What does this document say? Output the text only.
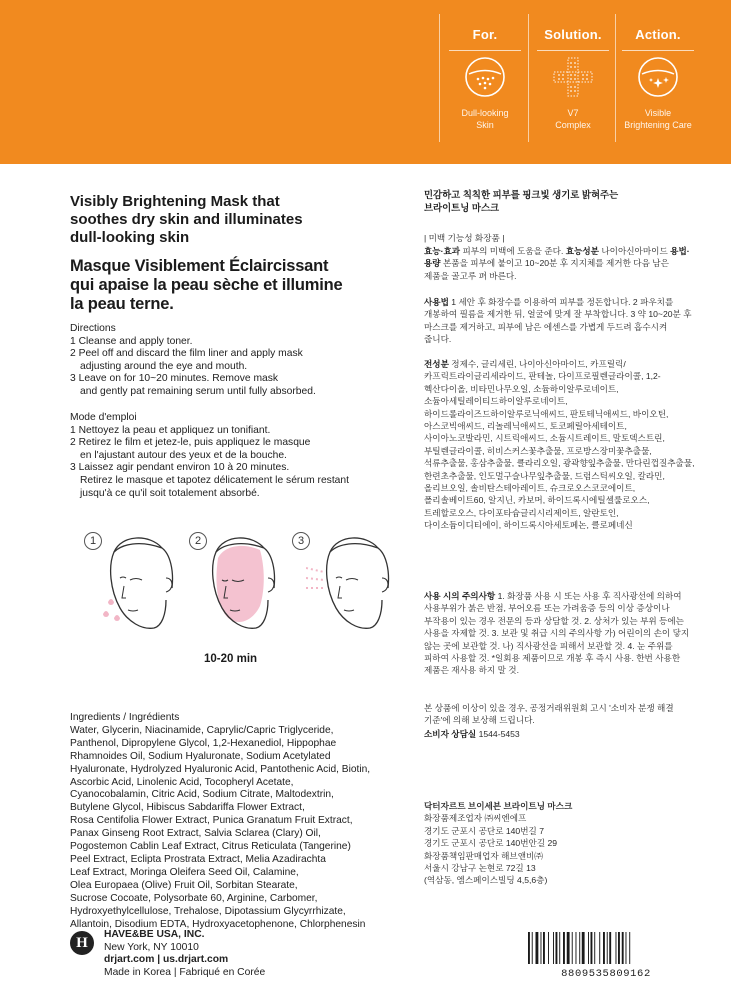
For.
Dull-looking
Skin
Solution.
V7
Complex
Action.
Visible
Brightening Care
Visibly Brightening Mask that
soothes dry skin and illuminates
dull-looking skin
Masque Visiblement Éclaircissant
qui apaise la peau sèche et illumine
la peau terne.
Directions
1 Cleanse and apply toner.
2 Peel off and discard the film liner and apply mask
adjusting around the eye and mouth.
3 Leave on for 10~20 minutes. Remove mask
and gently pat remaining serum until fully absorbed.
Mode d'emploi
1 Nettoyez la peau et appliquez un tonifiant.
2 Retirez le film et jetez-le, puis appliquez le masque
en l'ajustant autour des yeux et de la bouche.
3 Laissez agir pendant environ 10 à 20 minutes.
Retirez le masque et tapotez délicatement le sérum restant
jusqu'à ce qu'il soit totalement absorbé.
1	2	3
10-20 min
Ingredients / Ingrédients
Water, Glycerin, Niacinamide, Caprylic/Capric Triglyceride,
Panthenol, Dipropylene Glycol, 1,2-Hexanediol, Hippophae
Rhamnoides Oil, Sodium Hyaluronate, Sodium Acetylated
Hyaluronate, Hydrolyzed Hyaluronic Acid, Pantothenic Acid, Biotin,
Ascorbic Acid, Linolenic Acid, Tocopheryl Acetate,
Cyanocobalamin, Citric Acid, Sodium Citrate, Maltodextrin,
Butylene Glycol, Hibiscus Sabdariffa Flower Extract,
Rosa Centifolia Flower Extract, Punica Granatum Fruit Extract,
Panax Ginseng Root Extract, Salvia Sclarea (Clary) Oil,
Pogostemon Cablin Leaf Extract, Citrus Reticulata (Tangerine)
Peel Extract, Eclipta Prostrata Extract, Melia Azadirachta
Leaf Extract, Moringa Oleifera Seed Oil, Calamine,
Olea Europaea (Olive) Fruit Oil, Sorbitan Stearate,
Sucrose Cocoate, Polysorbate 60, Arginine, Carbomer,
Hydroxyethylcellulose, Trehalose, Dipotassium Glycyrrhizate,
Allantoin, Disodium EDTA, Hydroxyacetophenone, Chlorphenesin
민감하고 칙칙한 피부를 핑크빛 생기로 밝혀주는
브라이트닝 마스크
| 미백 기능성 화장품 |
효능·효과 피부의 미백에 도움을 준다. 효능성분 나이아신아마이드 용법·용량 본품을 피부에 붙이고 10~20분 후 지지체를 제거한 다음 남은 제품을 골고루 펴 바른다.
사용법 1 세안 후 화장수를 이용하여 피부를 정돈합니다. 2 파우치를 개봉하여 필름을 제거한 뒤, 얼굴에 맞게 잘 부착합니다. 3 약 10~20분 후 마스크를 제거하고, 피부에 남은 에센스를 가볍게 두드려 흡수시켜 줍니다.
전성분 정제수, 글리세린, 나이아신아마이드, 카프릴릭/카프릭트라이글리세라이드, 판테놀, 다이프로필렌글라이콜, 1,2-헥산다이올, 비타민나무오일, 소듐하이알루로네이트, 소듐아세틸레이티드하이알루로네이트, 하이드롤라이즈드하이알루로닉애씨드, 판토테닉애씨드, 바이오틴, 아스코빅애씨드, 리놀레닉애씨드, 토코페릴아세테이트, 사이아노코발라민, 시트릭애씨드, 소듐시트레이트, 말토덱스트린, 부틸렌글라이콜, 히비스커스꽃추출물, 프로방스장미꽃추출물, 석류추출물, 홍삼추출물, 클라리오일, 광곽향잎추출물, 만다린껍질추출물, 한련초추출물, 인도멀구슬나무잎추출물, 드럼스틱씨오일, 칼라민, 올리브오일, 솔비탄스테아레이트, 슈크로오스코코에이트, 폴리솔베이트60, 알지닌, 카보머, 하이드록시에틸셀룰로오스, 트레할로오스, 다이포타슘글리시리제이트, 알란토인, 다이소듐이디티에이, 하이드록시아세토페논, 클로페네신
사용 시의 주의사항 1. 화장품 사용 시 또는 사용 후 직사광선에 의하여 사용부위가 붉은 반점, 부어오름 또는 가려움증 등의 이상 증상이나 부작용이 있는 경우 전문의 등과 상담할 것. 2. 상처가 있는 부위 등에는 사용을 자제할 것. 3. 보관 및 취급 시의 주의사항 가) 어린이의 손이 닿지 않는 곳에 보관할 것. 나) 직사광선을 피해서 보관할 것. 4. 눈 주위를 피하여 사용할 것. *일회용 제품이므로 개봉 후 즉시 사용. 한번 사용한 제품은 재사용 하지 말 것.
본 상품에 이상이 있을 경우, 공정거래위원회 고시 '소비자 분쟁 해결 기준'에 의해 보상해 드립니다.
소비자 상담실 1544-5453
닥터자르트 브이세븐 브라이트닝 마스크
화장품제조업자 ㈜씨엔에프
경기도 군포시 공단로 140번길 7
경기도 군포시 공단로 140번안길 29
화장품책임판매업자 해브앤비㈜
서울시 강남구 논현로 72길 13
(역삼동, 엠스페이스빌딩 4,5,6층)
H
HAVE&BE USA, INC.
New York, NY 10010
drjart.com | us.drjart.com
Made in Korea | Fabriqué en Corée	8809535809162
